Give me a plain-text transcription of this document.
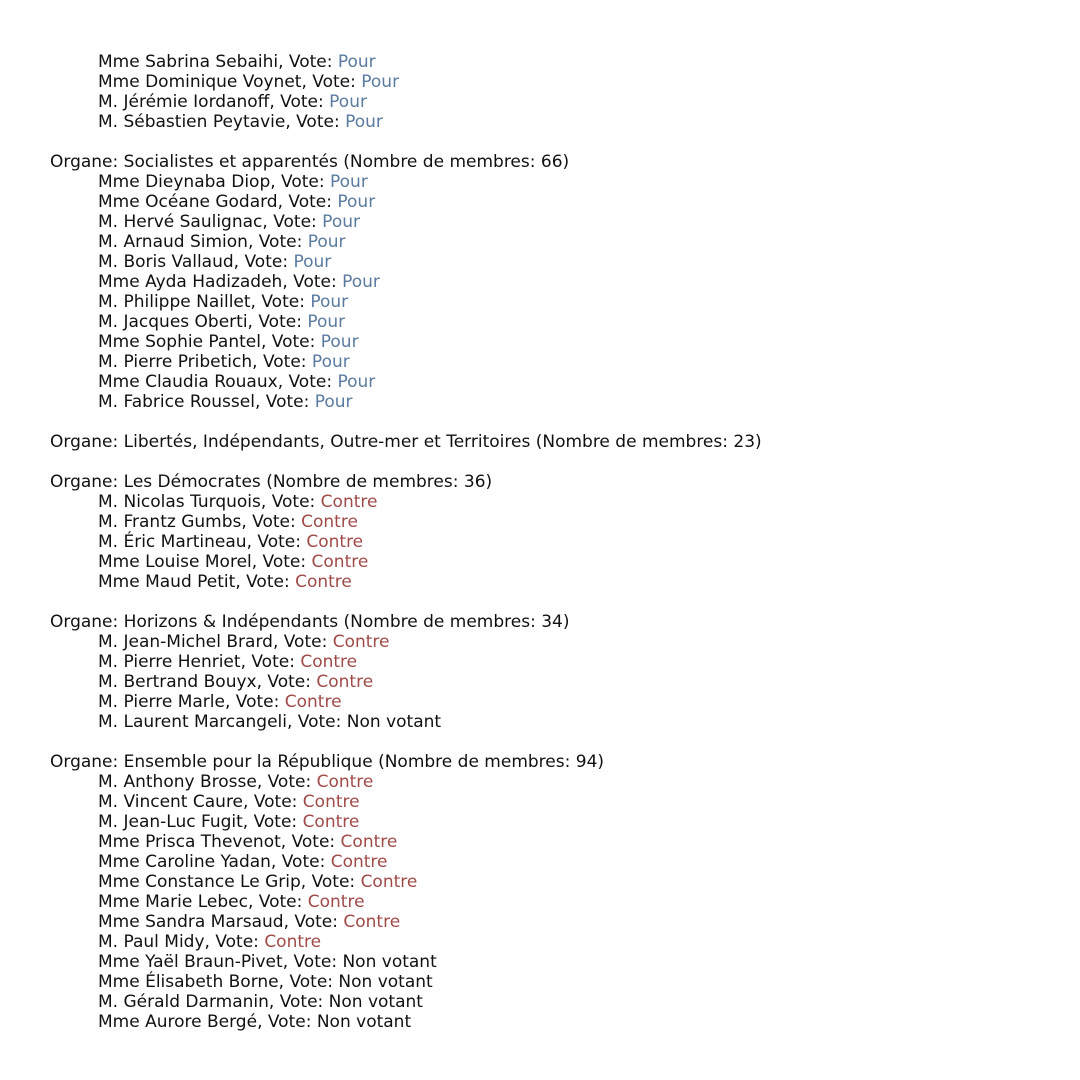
Mme Sabrina Sebaihi, Vote: Pour
Mme Dominique Voynet, Vote: Pour
M. Jérémie Iordanoff, Vote: Pour
M. Sébastien Peytavie, Vote: Pour
Organe: Socialistes et apparentés (Nombre de membres: 66)
Mme Dieynaba Diop, Vote: Pour
Mme Océane Godard, Vote: Pour
M. Hervé Saulignac, Vote: Pour
M. Arnaud Simion, Vote: Pour
M. Boris Vallaud, Vote: Pour
Mme Ayda Hadizadeh, Vote: Pour
M. Philippe Naillet, Vote: Pour
M. Jacques Oberti, Vote: Pour
Mme Sophie Pantel, Vote: Pour
M. Pierre Pribetich, Vote: Pour
Mme Claudia Rouaux, Vote: Pour
M. Fabrice Roussel, Vote: Pour
Organe: Libertés, Indépendants, Outre-mer et Territoires (Nombre de membres: 23)
Organe: Les Démocrates (Nombre de membres: 36)
M. Nicolas Turquois, Vote: Contre
M. Frantz Gumbs, Vote: Contre
M. Éric Martineau, Vote: Contre
Mme Louise Morel, Vote: Contre
Mme Maud Petit, Vote: Contre
Organe: Horizons & Indépendants (Nombre de membres: 34)
M. Jean-Michel Brard, Vote: Contre
M. Pierre Henriet, Vote: Contre
M. Bertrand Bouyx, Vote: Contre
M. Pierre Marle, Vote: Contre
M. Laurent Marcangeli, Vote: Non votant
Organe: Ensemble pour la République (Nombre de membres: 94)
M. Anthony Brosse, Vote: Contre
M. Vincent Caure, Vote: Contre
M. Jean-Luc Fugit, Vote: Contre
Mme Prisca Thevenot, Vote: Contre
Mme Caroline Yadan, Vote: Contre
Mme Constance Le Grip, Vote: Contre
Mme Marie Lebec, Vote: Contre
Mme Sandra Marsaud, Vote: Contre
M. Paul Midy, Vote: Contre
Mme Yaël Braun-Pivet, Vote: Non votant
Mme Élisabeth Borne, Vote: Non votant
M. Gérald Darmanin, Vote: Non votant
Mme Aurore Bergé, Vote: Non votant
